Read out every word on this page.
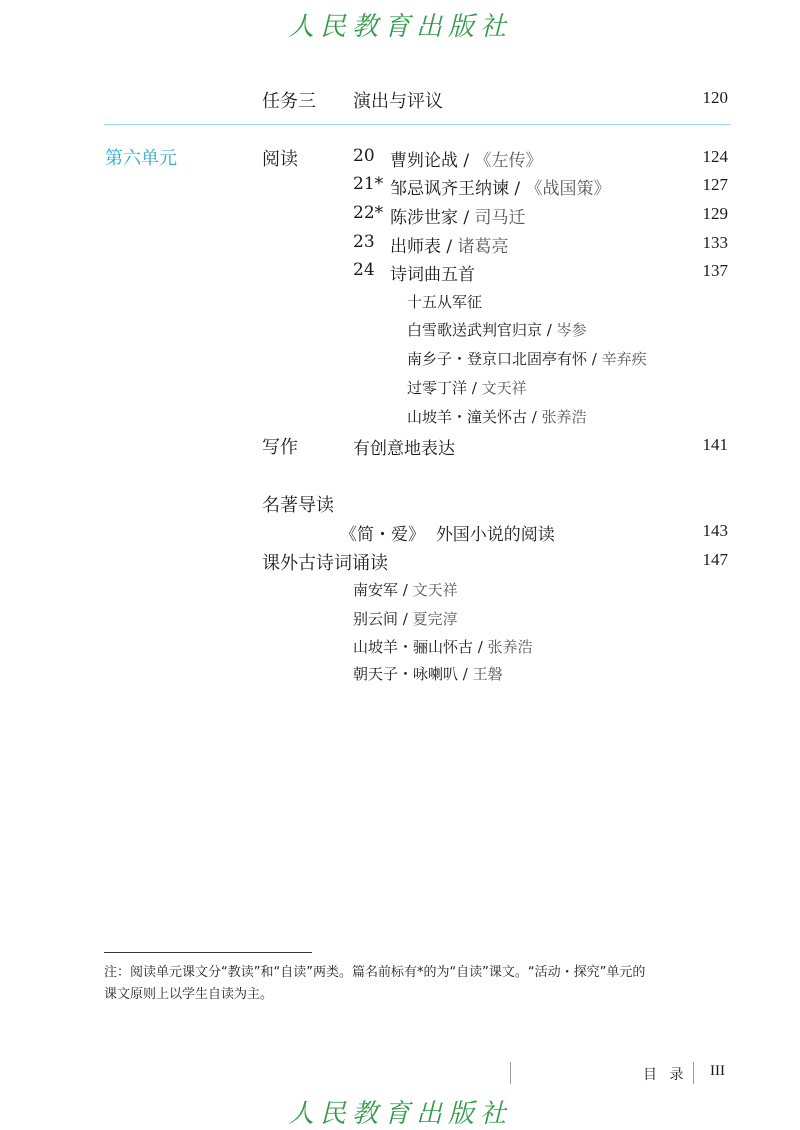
人民教育出版社
任务三 演出与评议	120
第六单元	阅读	20 曹刿论战 / 《左传》	124
21* 邹忌讽齐王纳谏 / 《战国策》	127
22* 陈涉世家 / 司马迁	129
23 出师表 / 诸葛亮	133
24 诗词曲五首	137
十五从军征
白雪歌送武判官归京 / 岑参
南乡子・登京口北固亭有怀 / 辛弃疾
过零丁洋 / 文天祥
山坡羊・潼关怀古 / 张养浩
写作	有创意地表达	141
名著导读
《简・爱》 外国小说的阅读	143
课外古诗词诵读	147
南安军 / 文天祥
别云间 / 夏完淳
山坡羊・骊山怀古 / 张养浩
朝天子・咏喇叭 / 王磐
注：阅读单元课文分“教读”和“自读”两类。篇名前标有*的为“自读”课文。“活动・探究”单元的
课文原则上以学生自读为主。
目 录 III
人民教育出版社
